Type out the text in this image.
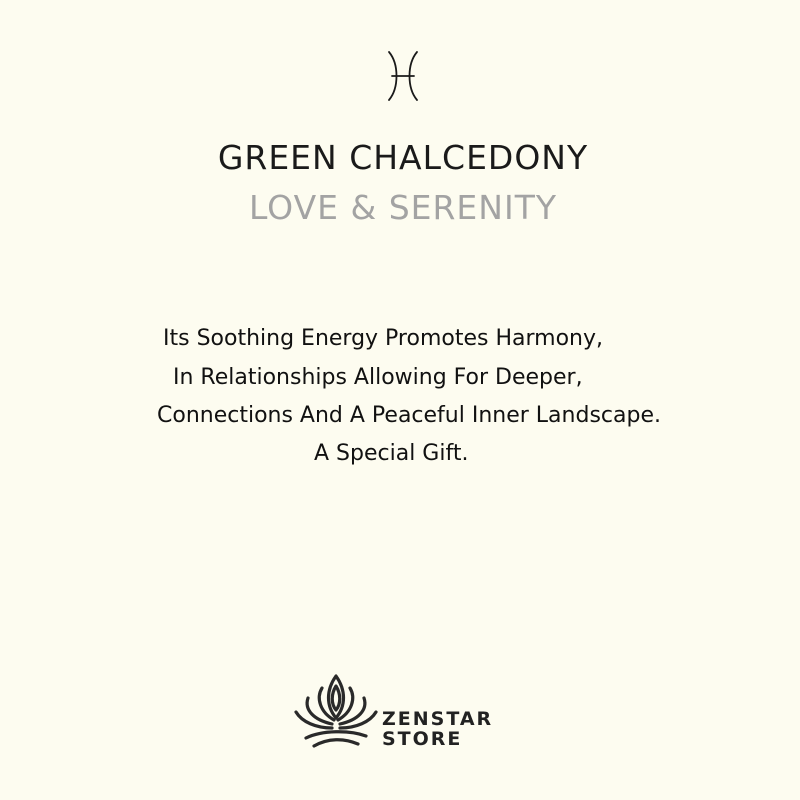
GREEN CHALCEDONY
LOVE & SERENITY
Its Soothing Energy Promotes Harmony,
In Relationships Allowing For Deeper,
Connections And A Peaceful Inner Landscape.
A Special Gift.
ZENSTAR
STORE
